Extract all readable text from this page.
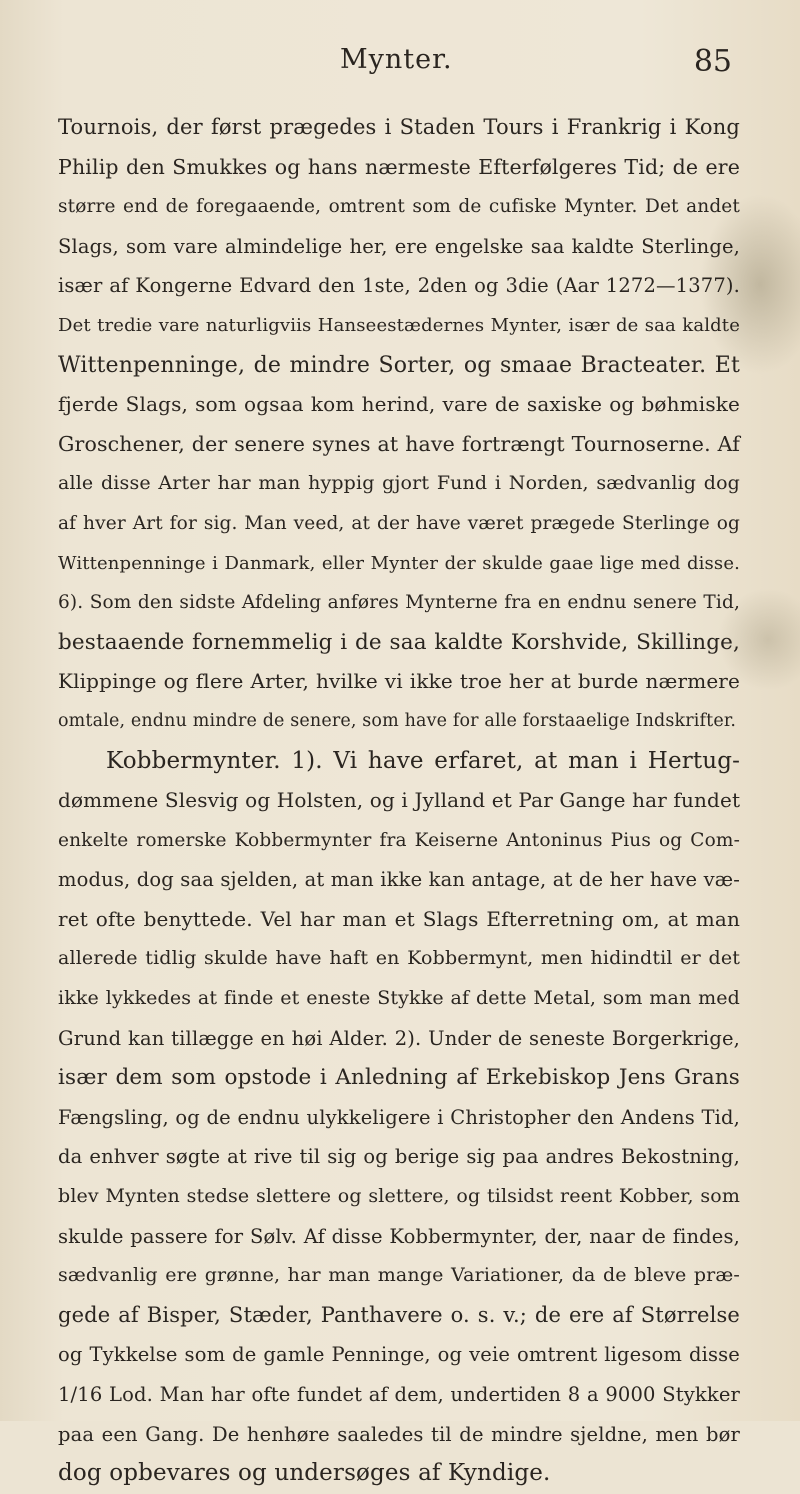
Mynter.	85
Tournois, der først prægedes i Staden Tours i Frankrig i Kong
Philip den Smukkes og hans nærmeste Efterfølgeres Tid; de ere
større end de foregaaende, omtrent som de cufiske Mynter. Det andet
Slags, som vare almindelige her, ere engelske saa kaldte Sterlinge,
især af Kongerne Edvard den 1ste, 2den og 3die (Aar 1272—1377).
Det tredie vare naturligviis Hanseestædernes Mynter, især de saa kaldte
Wittenpenninge, de mindre Sorter, og smaae Bracteater. Et
fjerde Slags, som ogsaa kom herind, vare de saxiske og bøhmiske
Groschener, der senere synes at have fortrængt Tournoserne. Af
alle disse Arter har man hyppig gjort Fund i Norden, sædvanlig dog
af hver Art for sig. Man veed, at der have været prægede Sterlinge og
Wittenpenninge i Danmark, eller Mynter der skulde gaae lige med disse.
6). Som den sidste Afdeling anføres Mynterne fra en endnu senere Tid,
bestaaende fornemmelig i de saa kaldte Korshvide, Skillinge,
Klippinge og flere Arter, hvilke vi ikke troe her at burde nærmere
omtale, endnu mindre de senere, som have for alle forstaaelige Indskrifter.
Kobbermynter. 1). Vi have erfaret, at man i Hertug-
dømmene Slesvig og Holsten, og i Jylland et Par Gange har fundet
enkelte romerske Kobbermynter fra Keiserne Antoninus Pius og Com-
modus, dog saa sjelden, at man ikke kan antage, at de her have væ-
ret ofte benyttede. Vel har man et Slags Efterretning om, at man
allerede tidlig skulde have haft en Kobbermynt, men hidindtil er det
ikke lykkedes at finde et eneste Stykke af dette Metal, som man med
Grund kan tillægge en høi Alder. 2). Under de seneste Borgerkrige,
især dem som opstode i Anledning af Erkebiskop Jens Grans
Fængsling, og de endnu ulykkeligere i Christopher den Andens Tid,
da enhver søgte at rive til sig og berige sig paa andres Bekostning,
blev Mynten stedse slettere og slettere, og tilsidst reent Kobber, som
skulde passere for Sølv. Af disse Kobbermynter, der, naar de findes,
sædvanlig ere grønne, har man mange Variationer, da de bleve præ-
gede af Bisper, Stæder, Panthavere o. s. v.; de ere af Størrelse
og Tykkelse som de gamle Penninge, og veie omtrent ligesom disse
1/16 Lod. Man har ofte fundet af dem, undertiden 8 a 9000 Stykker
paa een Gang. De henhøre saaledes til de mindre sjeldne, men bør
dog opbevares og undersøges af Kyndige.
